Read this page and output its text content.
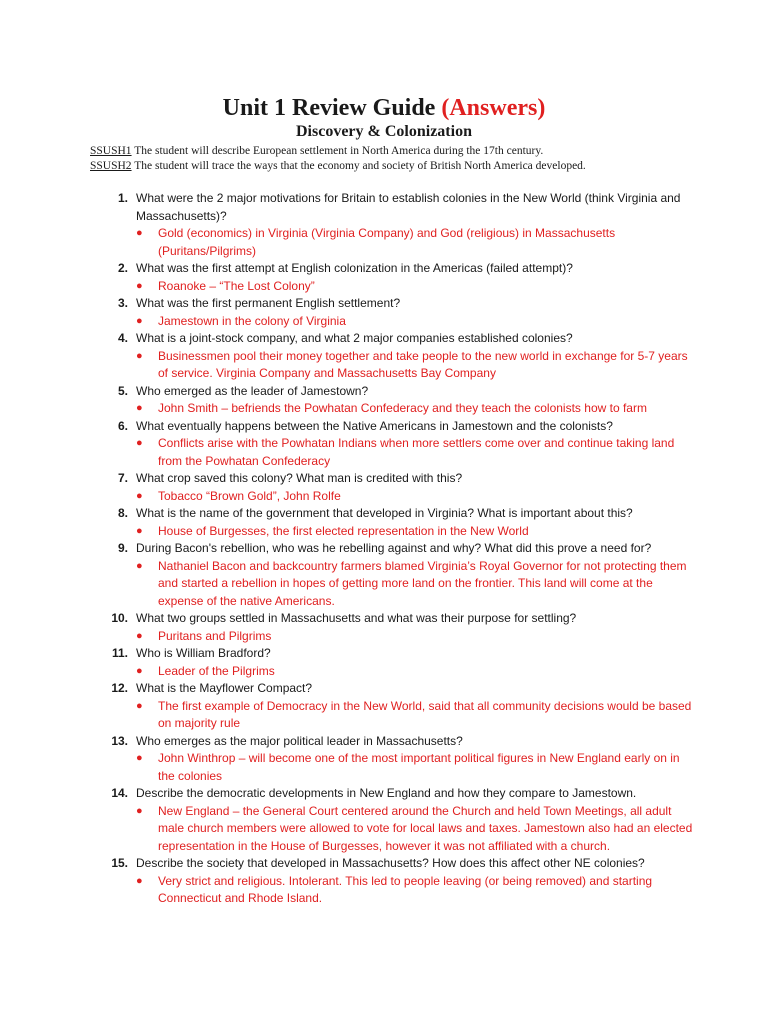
Unit 1 Review Guide (Answers)
Discovery & Colonization
SSUSH1 The student will describe European settlement in North America during the 17th century.
SSUSH2 The student will trace the ways that the economy and society of British North America developed.
1. What were the 2 major motivations for Britain to establish colonies in the New World (think Virginia and Massachusetts)?
● Gold (economics) in Virginia (Virginia Company) and God (religious) in Massachusetts (Puritans/Pilgrims)
2. What was the first attempt at English colonization in the Americas (failed attempt)?
● Roanoke – “The Lost Colony”
3. What was the first permanent English settlement?
● Jamestown in the colony of Virginia
4. What is a joint-stock company, and what 2 major companies established colonies?
● Businessmen pool their money together and take people to the new world in exchange for 5-7 years of service. Virginia Company and Massachusetts Bay Company
5. Who emerged as the leader of Jamestown?
● John Smith – befriends the Powhatan Confederacy and they teach the colonists how to farm
6. What eventually happens between the Native Americans in Jamestown and the colonists?
● Conflicts arise with the Powhatan Indians when more settlers come over and continue taking land from the Powhatan Confederacy
7. What crop saved this colony? What man is credited with this?
● Tobacco “Brown Gold”, John Rolfe
8. What is the name of the government that developed in Virginia? What is important about this?
● House of Burgesses, the first elected representation in the New World
9. During Bacon's rebellion, who was he rebelling against and why? What did this prove a need for?
● Nathaniel Bacon and backcountry farmers blamed Virginia’s Royal Governor for not protecting them and started a rebellion in hopes of getting more land on the frontier. This land will come at the expense of the native Americans.
10. What two groups settled in Massachusetts and what was their purpose for settling?
● Puritans and Pilgrims
11. Who is William Bradford?
● Leader of the Pilgrims
12. What is the Mayflower Compact?
● The first example of Democracy in the New World, said that all community decisions would be based on majority rule
13. Who emerges as the major political leader in Massachusetts?
● John Winthrop – will become one of the most important political figures in New England early on in the colonies
14. Describe the democratic developments in New England and how they compare to Jamestown.
● New England – the General Court centered around the Church and held Town Meetings, all adult male church members were allowed to vote for local laws and taxes. Jamestown also had an elected representation in the House of Burgesses, however it was not affiliated with a church.
15. Describe the society that developed in Massachusetts? How does this affect other NE colonies?
● Very strict and religious. Intolerant. This led to people leaving (or being removed) and starting Connecticut and Rhode Island.
